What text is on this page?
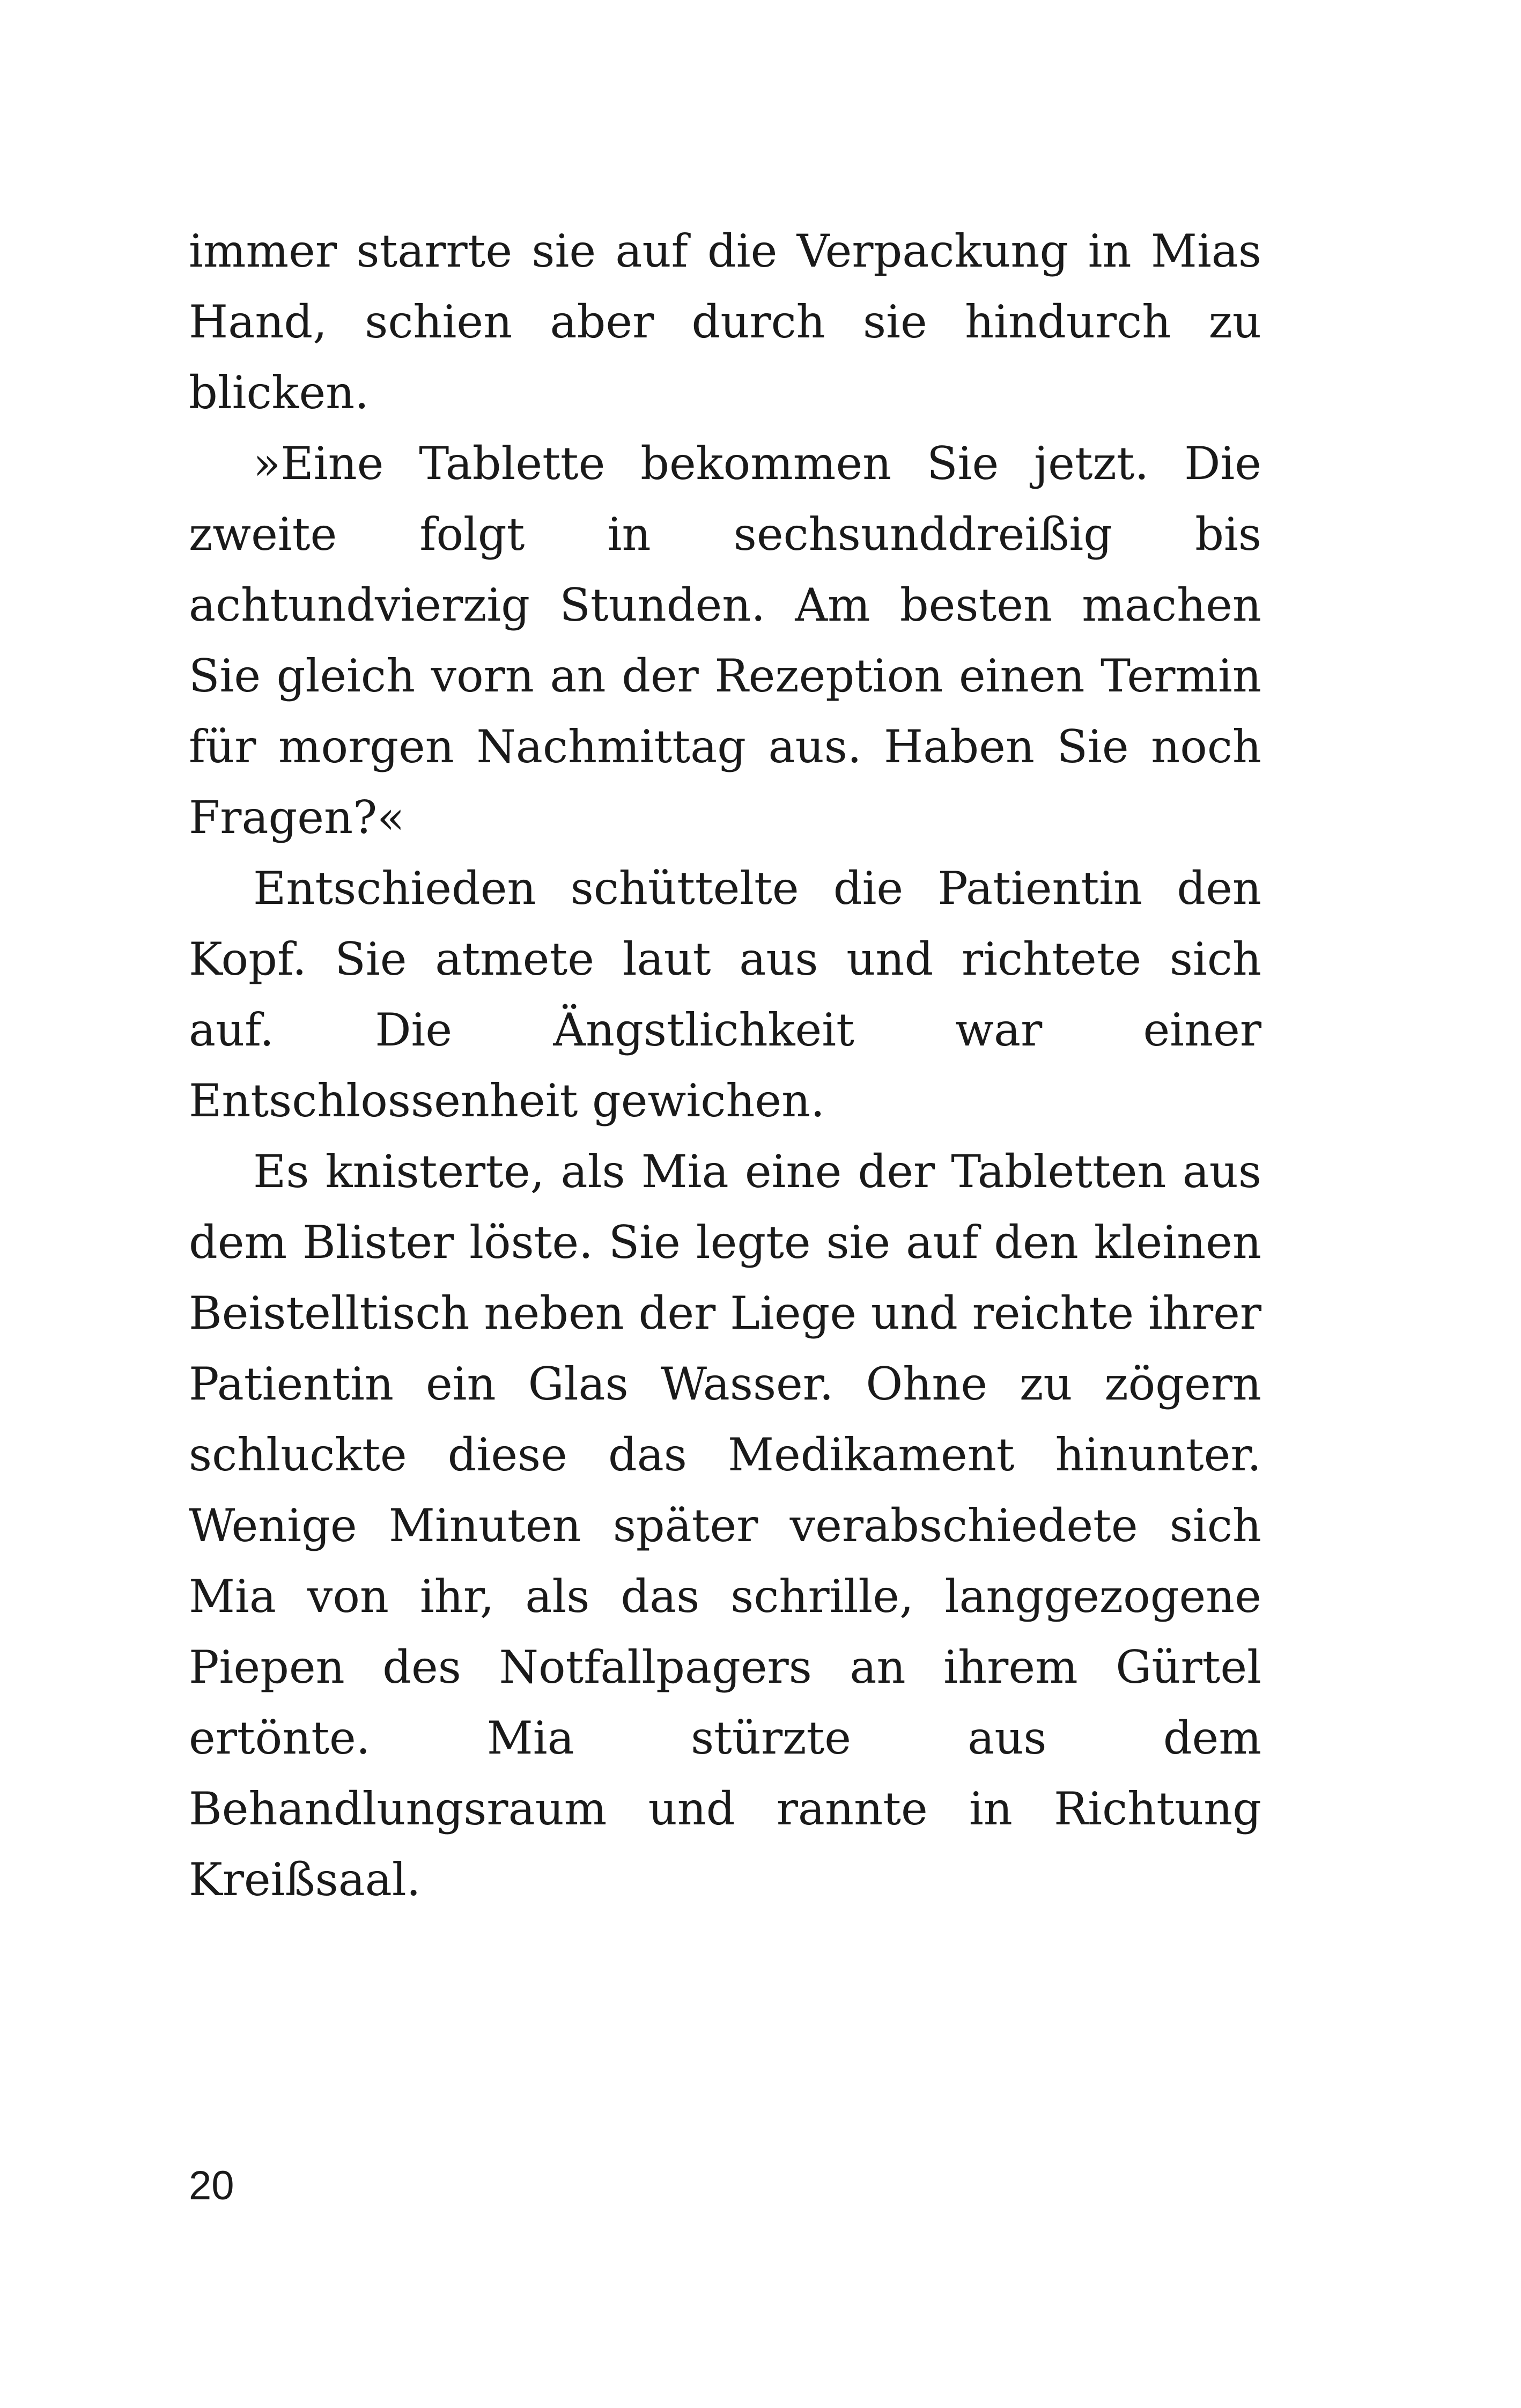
immer starrte sie auf die Verpackung in Mias Hand, schien aber durch sie hindurch zu blicken.

»Eine Tablette bekommen Sie jetzt. Die zweite folgt in sechsunddreißig bis achtundvierzig Stunden. Am besten machen Sie gleich vorn an der Rezeption einen Termin für morgen Nachmittag aus. Haben Sie noch Fragen?«

Entschieden schüttelte die Patientin den Kopf. Sie atmete laut aus und richtete sich auf. Die Ängstlichkeit war einer Entschlossenheit gewichen.

Es knisterte, als Mia eine der Tabletten aus dem Blister löste. Sie legte sie auf den kleinen Beistelltisch neben der Liege und reichte ihrer Patientin ein Glas Wasser. Ohne zu zögern schluckte diese das Medikament hinunter. Wenige Minuten später verabschiedete sich Mia von ihr, als das schrille, langgezogene Piepen des Notfallpagers an ihrem Gürtel ertönte. Mia stürzte aus dem Behandlungsraum und rannte in Richtung Kreißsaal.

20
